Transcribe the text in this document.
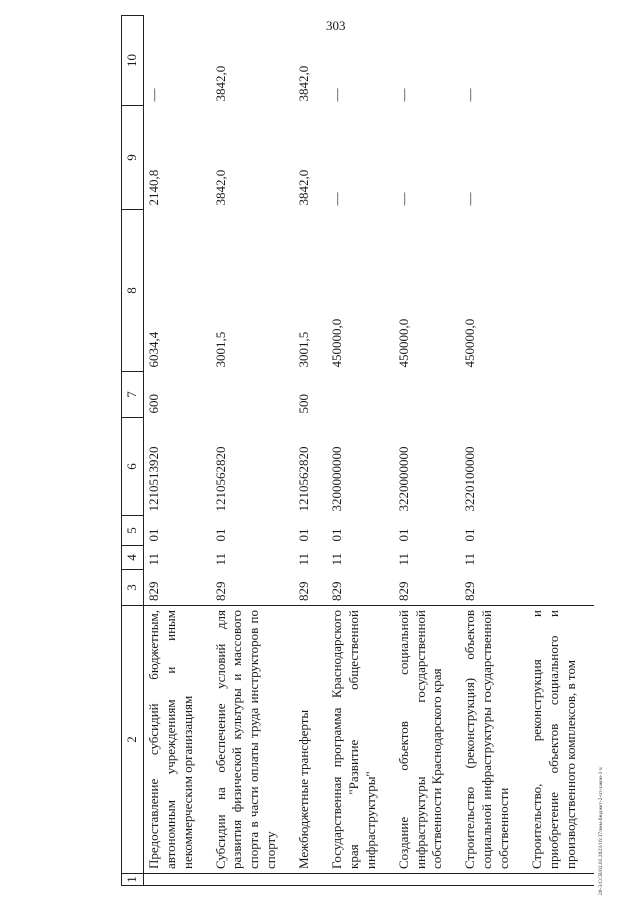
303
1	2	3	4	5	6	7	8	9	10
	Предоставление субсидий бюджетным, автономным учреждениям и иным некоммерческим организациям	829	11	01	1210513920	600	6034,4	2140,8	—
	Субсидии на обеспечение условий для развития физической культуры и массового спорта в части оплаты труда инструкторов по спорту	829	11	01	1210562820		3001,5	3842,0	3842,0
	Межбюджетные трансферты	829	11	01	1210562820	500	3001,5	3842,0	3842,0
	Государственная программа Краснодарского края "Развитие общественной инфраструктуры"	829	11	01	3200000000		450000,0	—	—
	Создание объектов социальной инфраструктуры государственной собственности Краснодарского края	829	11	01	3220000000		450000,0	—	—
	Строительство (реконструкция) объектов социальной инфраструктуры государственной собственности	829	11	01	3220100000		450000,0	—	—
	Строительство, реконструкция и приобретение объектов социального и производственного комплексов, в том									20-3/ССВ/02.03.2023/16:37/кем-бюджет-2-чт-закон-3 ч
